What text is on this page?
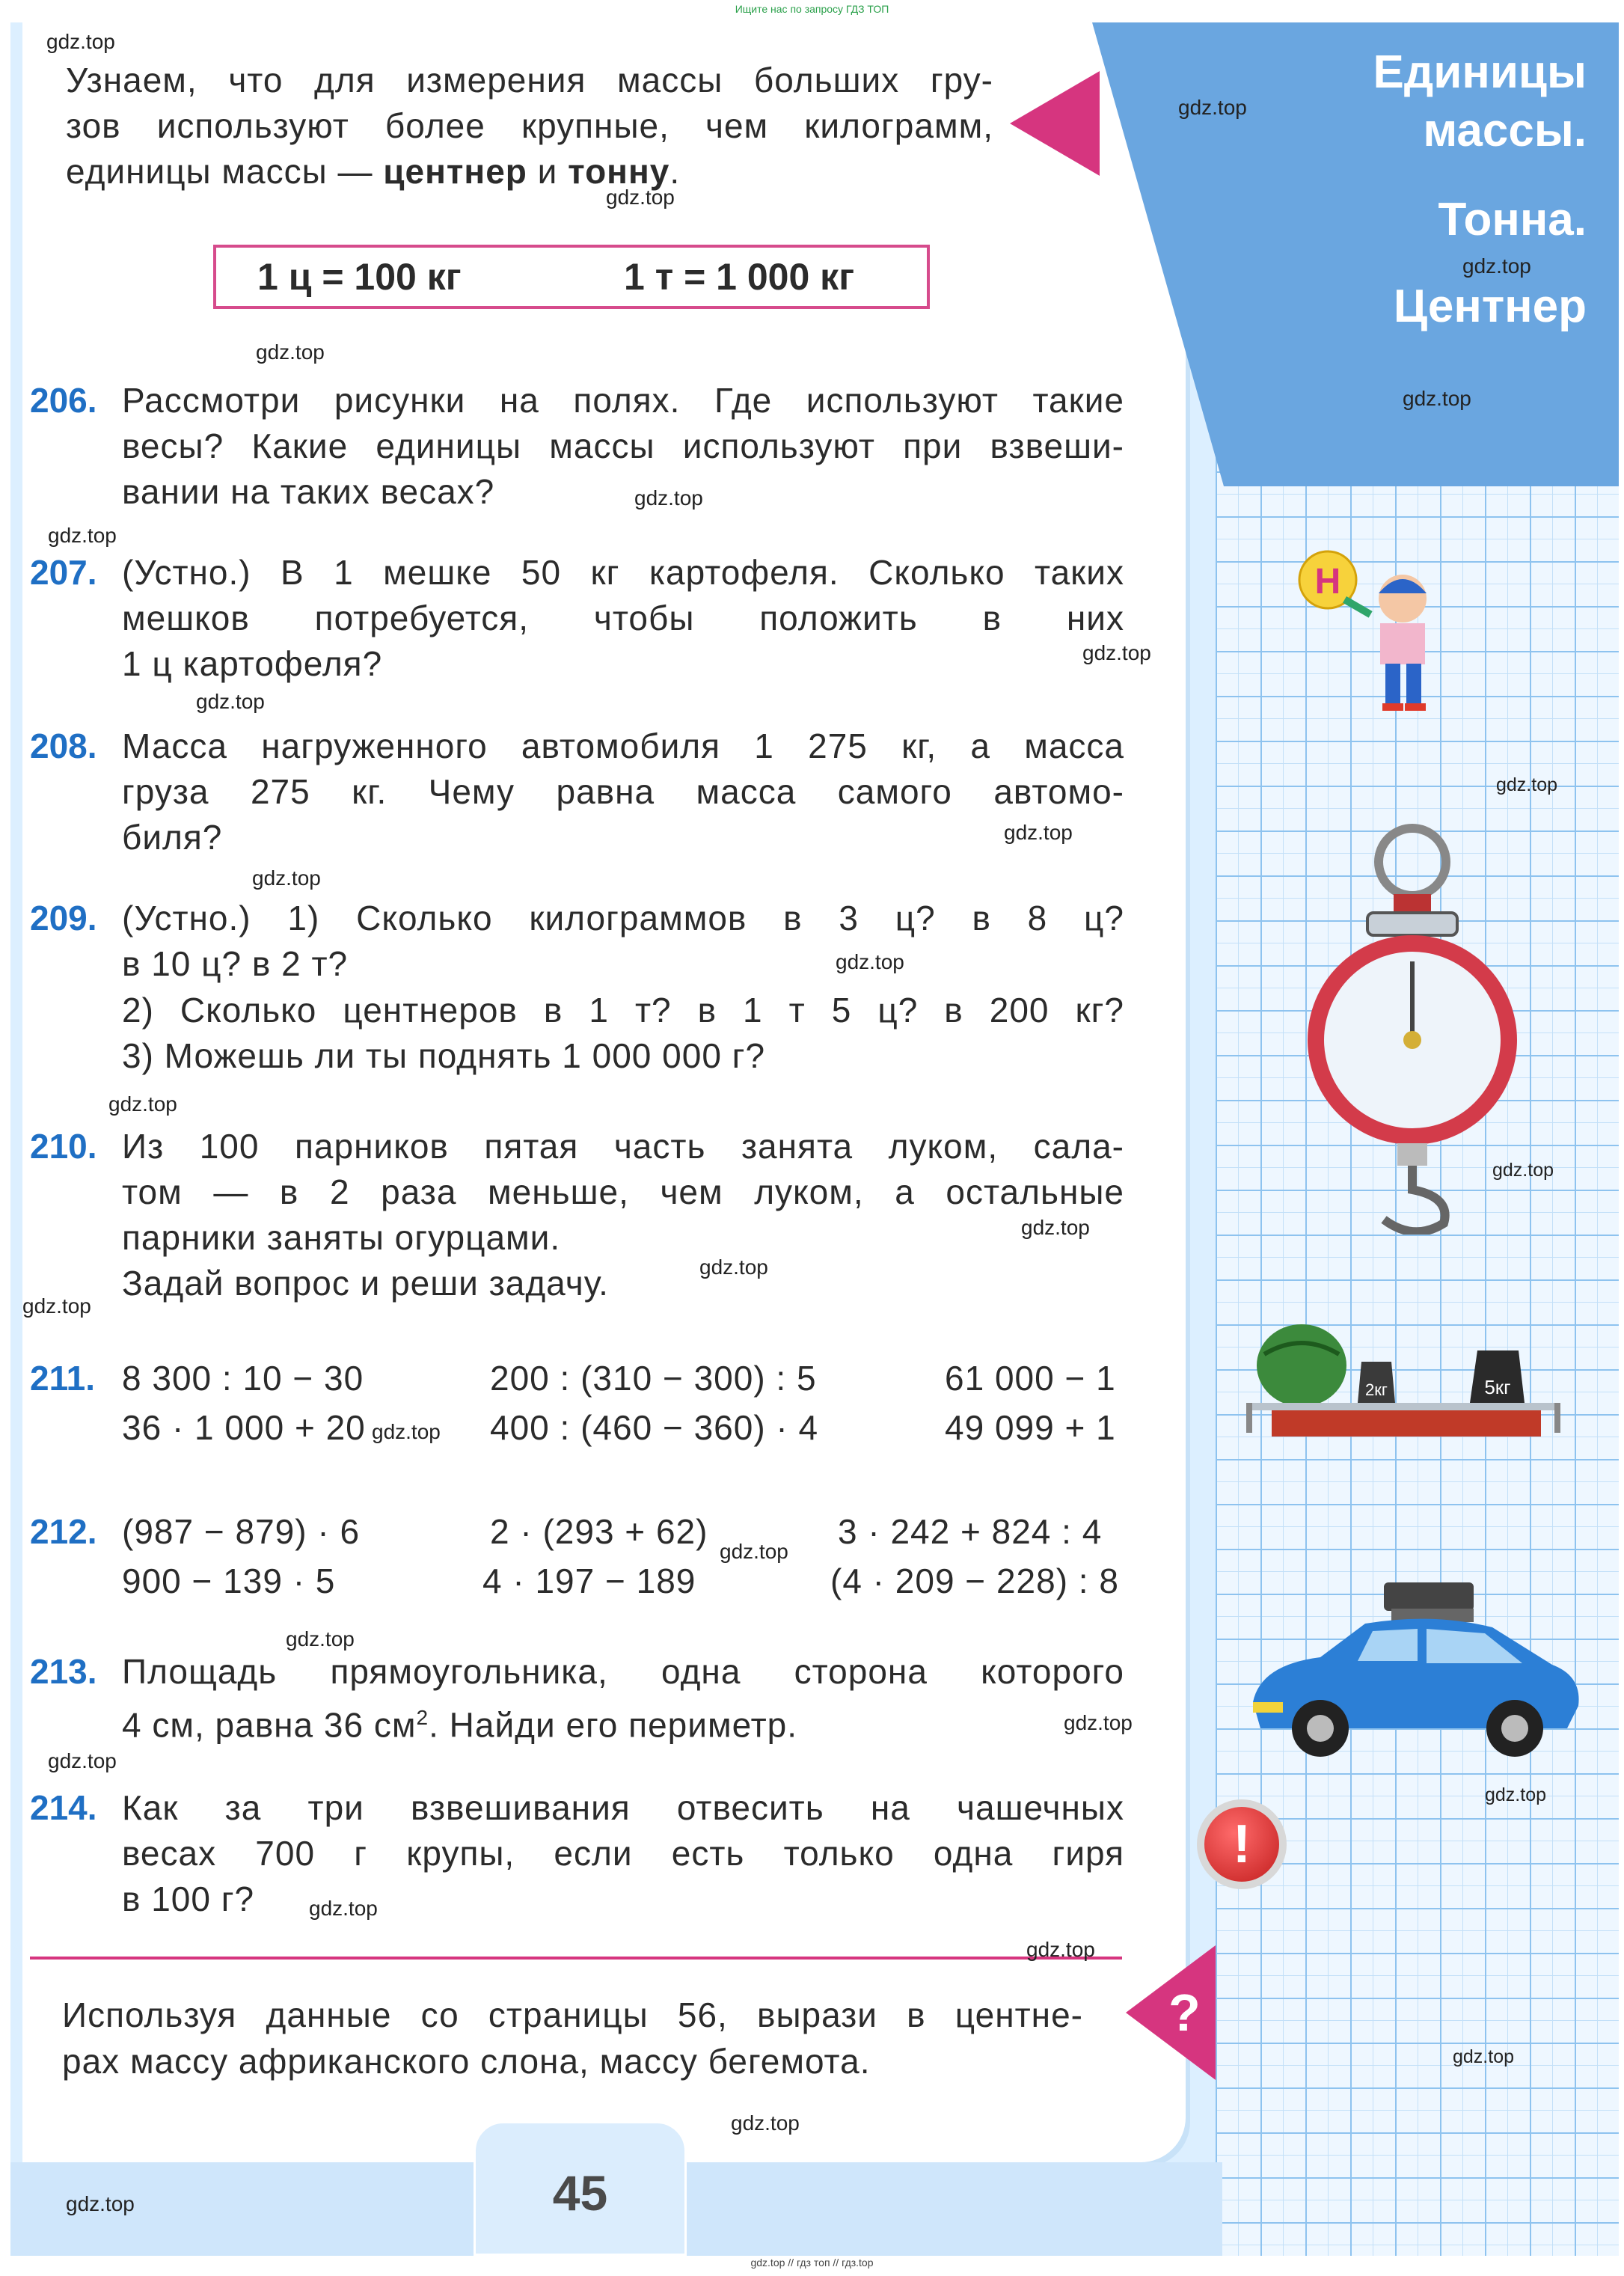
Ищите нас по запросу ГДЗ ТОП
Единицы
массы.
Тонна.
Центнер
Узнаем, что для измерения массы больших гру-
зов используют более крупные, чем килограмм,
единицы массы — центнер и тонну.
1 ц = 100 кг	1 т = 1 000 кг
206. Рассмотри рисунки на полях. Где используют такие
весы? Какие единицы массы используют при взвеши-
вании на таких весах?
207. (Устно.) В 1 мешке 50 кг картофеля. Сколько таких
мешков потребуется, чтобы положить в них
1 ц картофеля?
208. Масса нагруженного автомобиля 1 275 кг, а масса
груза 275 кг. Чему равна масса самого автомо-
биля?
209. (Устно.) 1) Сколько килограммов в 3 ц? в 8 ц?
в 10 ц? в 2 т?
2) Сколько центнеров в 1 т? в 1 т 5 ц? в 200 кг?
3) Можешь ли ты поднять 1 000 000 г?
210. Из 100 парников пятая часть занята луком, сала-
том — в 2 раза меньше, чем луком, а остальные
парники заняты огурцами.
Задай вопрос и реши задачу.
211. 8 300 : 10 − 30	200 : (310 − 300) : 5	61 000 − 1
36 · 1 000 + 20	400 : (460 − 360) · 4	49 099 + 1
212. (987 − 879) · 6	2 · (293 + 62)	3 · 242 + 824 : 4
900 − 139 · 5	4 · 197 − 189	(4 · 209 − 228) : 8
213. Площадь прямоугольника, одна сторона которого
4 см, равна 36 $см^2$. Найди его периметр.
214. Как за три взвешивания отвесить на чашечных
весах 700 г крупы, если есть только одна гиря
в 100 г?
Используя данные со страницы 56, вырази в центне-
рах массу африканского слона, массу бегемота.
?
45
Н
2кг	5кг
!
gdz.top
gdz.top
gdz.top
gdz.top
gdz.top
gdz.top
gdz.top
gdz.top
gdz.top
gdz.top
gdz.top
gdz.top
gdz.top
gdz.top
gdz.top
gdz.top
gdz.top
gdz.top
gdz.top
gdz.top
gdz.top
gdz.top
gdz.top
gdz.top
gdz.top
gdz.top
gdz.top
gdz.top
gdz.top
gdz.top
gdz.top // гдз топ // гдз.top
